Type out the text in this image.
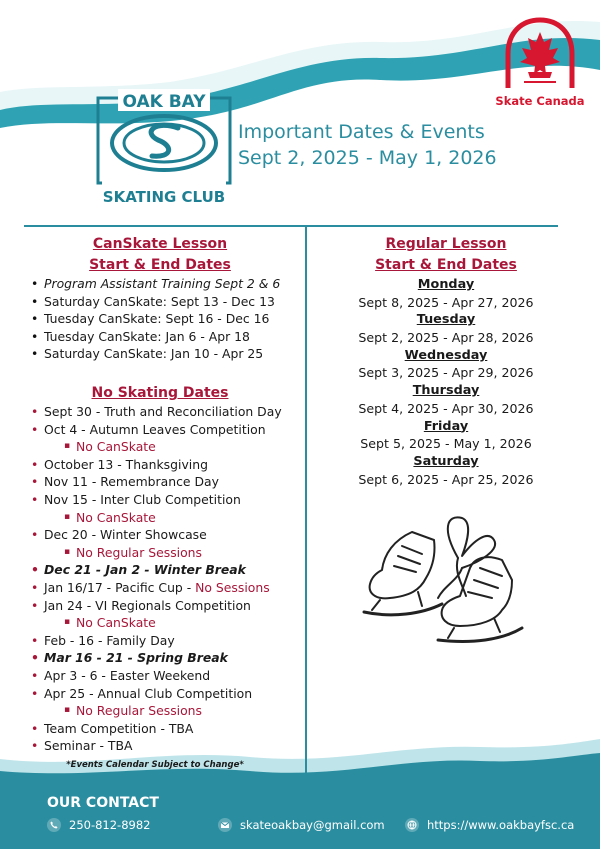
OAK BAY
SKATING CLUB
Skate Canada
Important Dates & Events
Sept 2, 2025 - May 1, 2026
CanSkate Lesson
Start & End Dates
• Program Assistant Training Sept 2 & 6
• Saturday CanSkate: Sept 13 - Dec 13
• Tuesday CanSkate: Sept 16 - Dec 16
• Tuesday CanSkate: Jan 6 - Apr 18
• Saturday CanSkate: Jan 10 - Apr 25
No Skating Dates
• Sept 30 - Truth and Reconciliation Day
• Oct 4 - Autumn Leaves Competition
▪ No CanSkate
• October 13 - Thanksgiving
• Nov 11 - Remembrance Day
• Nov 15 - Inter Club Competition
▪ No CanSkate
• Dec 20 - Winter Showcase
▪ No Regular Sessions
• Dec 21 - Jan 2 - Winter Break
• Jan 16/17 - Pacific Cup - No Sessions
• Jan 24 - VI Regionals Competition
▪ No CanSkate
• Feb - 16 - Family Day
• Mar 16 - 21 - Spring Break
• Apr 3 - 6 - Easter Weekend
• Apr 25 - Annual Club Competition
▪ No Regular Sessions
• Team Competition - TBA
• Seminar - TBA
*Events Calendar Subject to Change*
Regular Lesson
Start & End Dates
Monday
Sept 8, 2025 - Apr 27, 2026
Tuesday
Sept 2, 2025 - Apr 28, 2026
Wednesday
Sept 3, 2025 - Apr 29, 2026
Thursday
Sept 4, 2025 - Apr 30, 2026
Friday
Sept 5, 2025 - May 1, 2026
Saturday
Sept 6, 2025 - Apr 25, 2026
OUR CONTACT
250-812-8982	skateoakbay@gmail.com	https://www.oakbayfsc.ca
